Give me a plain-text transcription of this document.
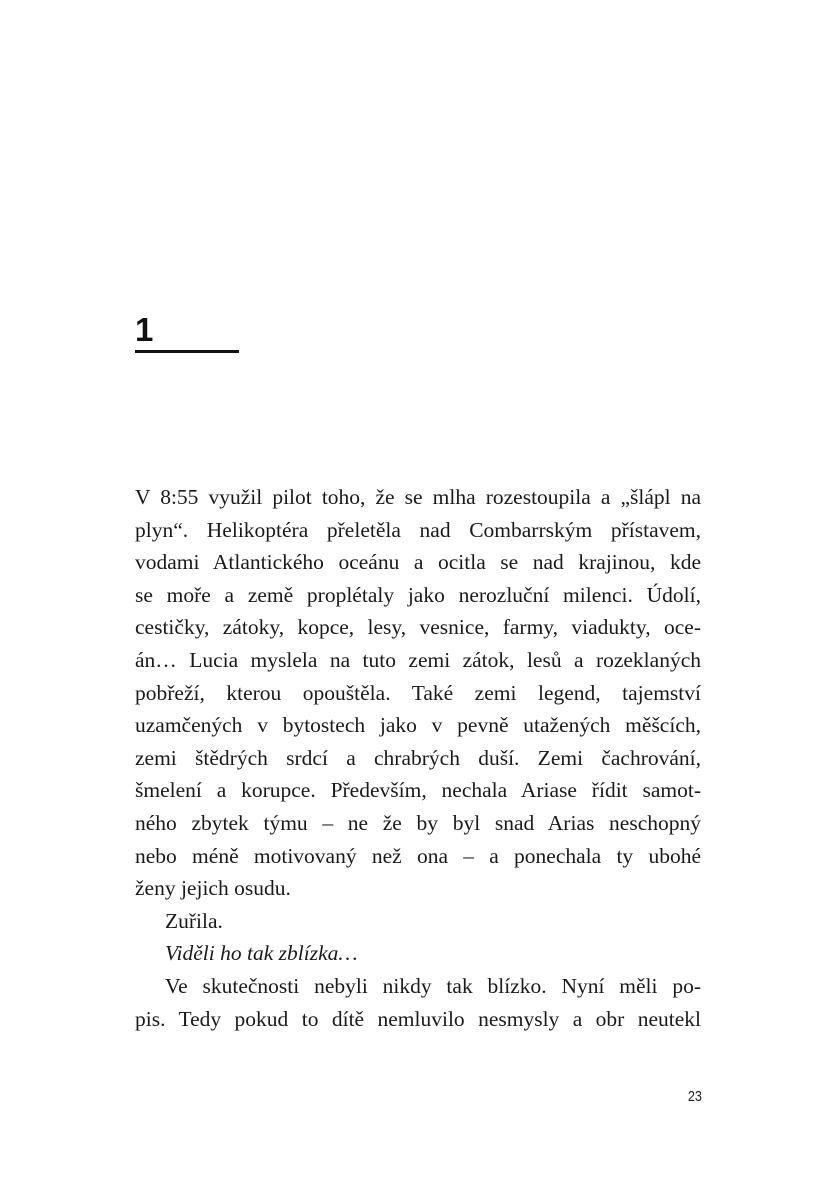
1
V 8:55 využil pilot toho, že se mlha rozestoupila a „šlápl na
plyn“. Helikoptéra přeletěla nad Combarrským přístavem,
vodami Atlantického oceánu a ocitla se nad krajinou, kde
se moře a země proplétaly jako nerozluční milenci. Údolí,
cestičky, zátoky, kopce, lesy, vesnice, farmy, viadukty, oce-
án… Lucia myslela na tuto zemi zátok, lesů a rozeklaných
pobřeží, kterou opouštěla. Také zemi legend, tajemství
uzamčených v bytostech jako v pevně utažených měšcích,
zemi štědrých srdcí a chrabrých duší. Zemi čachrování,
šmelení a korupce. Především, nechala Ariase řídit samot-
ného zbytek týmu – ne že by byl snad Arias neschopný
nebo méně motivovaný než ona – a ponechala ty ubohé
ženy jejich osudu.
Zuřila.
Viděli ho tak zblízka…
Ve skutečnosti nebyli nikdy tak blízko. Nyní měli po-
pis. Tedy pokud to dítě nemluvilo nesmysly a obr neutekl
23
